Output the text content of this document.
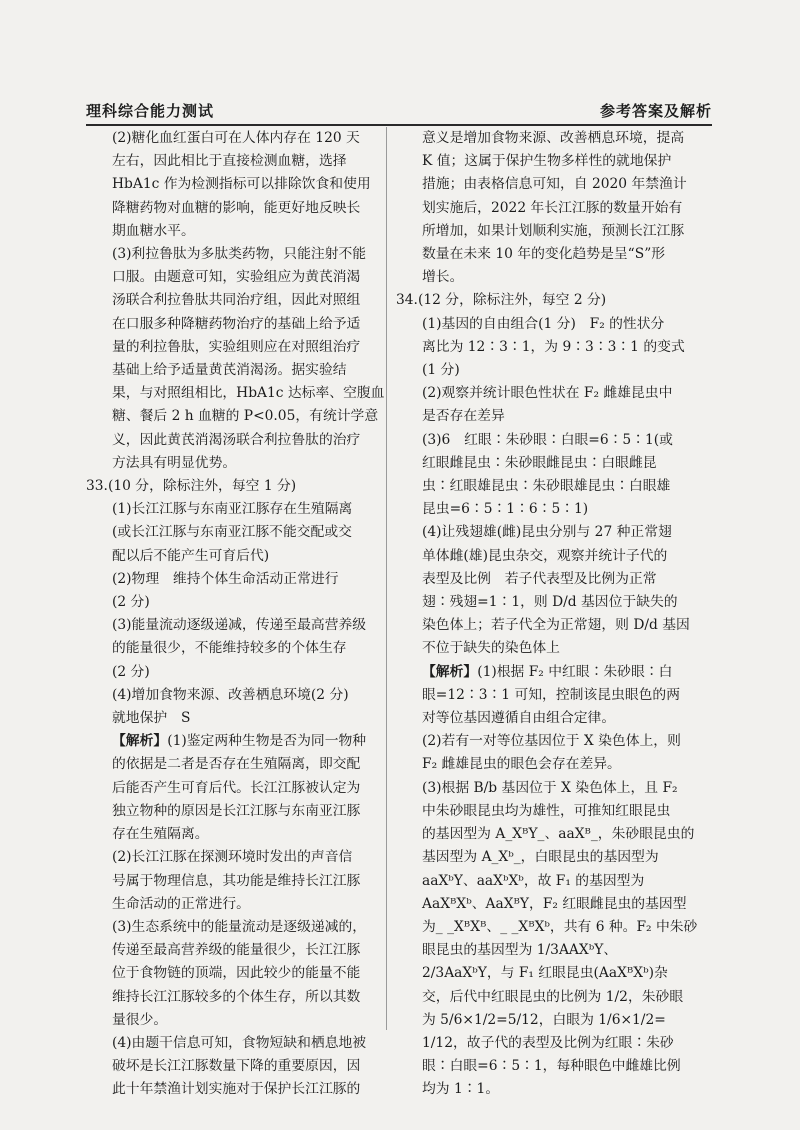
理科综合能力测试	参考答案及解析
(2)糖化血红蛋白可在人体内存在 120 天
左右，因此相比于直接检测血糖，选择
HbA1c 作为检测指标可以排除饮食和使用
降糖药物对血糖的影响，能更好地反映长
期血糖水平。
(3)利拉鲁肽为多肽类药物，只能注射不能
口服。由题意可知，实验组应为黄芪消渴
汤联合利拉鲁肽共同治疗组，因此对照组
在口服多种降糖药物治疗的基础上给予适
量的利拉鲁肽，实验组则应在对照组治疗
基础上给予适量黄芪消渴汤。据实验结
果，与对照组相比，HbA1c 达标率、空腹血
糖、餐后 2 h 血糖的 P<0.05，有统计学意
义，因此黄芪消渴汤联合利拉鲁肽的治疗
方法具有明显优势。
33.(10 分，除标注外，每空 1 分)
(1)长江江豚与东南亚江豚存在生殖隔离
(或长江江豚与东南亚江豚不能交配或交
配以后不能产生可育后代)
(2)物理　维持个体生命活动正常进行
(2 分)
(3)能量流动逐级递减，传递至最高营养级
的能量很少，不能维持较多的个体生存
(2 分)
(4)增加食物来源、改善栖息环境(2 分)
就地保护　S
【解析】(1)鉴定两种生物是否为同一物种
的依据是二者是否存在生殖隔离，即交配
后能否产生可育后代。长江江豚被认定为
独立物种的原因是长江江豚与东南亚江豚
存在生殖隔离。
(2)长江江豚在探测环境时发出的声音信
号属于物理信息，其功能是维持长江江豚
生命活动的正常进行。
(3)生态系统中的能量流动是逐级递减的，
传递至最高营养级的能量很少，长江江豚
位于食物链的顶端，因此较少的能量不能
维持长江江豚较多的个体生存，所以其数
量很少。
(4)由题干信息可知，食物短缺和栖息地被
破坏是长江江豚数量下降的重要原因，因
此十年禁渔计划实施对于保护长江江豚的
意义是增加食物来源、改善栖息环境，提高
K 值；这属于保护生物多样性的就地保护
措施；由表格信息可知，自 2020 年禁渔计
划实施后，2022 年长江江豚的数量开始有
所增加，如果计划顺利实施，预测长江江豚
数量在未来 10 年的变化趋势是呈“S”形
增长。
34.(12 分，除标注外，每空 2 分)
(1)基因的自由组合(1 分)　F₂ 的性状分
离比为 12∶3∶1，为 9∶3∶3∶1 的变式
(1 分)
(2)观察并统计眼色性状在 F₂ 雌雄昆虫中
是否存在差异
(3)6　红眼∶朱砂眼∶白眼=6∶5∶1(或
红眼雌昆虫∶朱砂眼雌昆虫∶白眼雌昆
虫∶红眼雄昆虫∶朱砂眼雄昆虫∶白眼雄
昆虫=6∶5∶1∶6∶5∶1)
(4)让残翅雄(雌)昆虫分别与 27 种正常翅
单体雌(雄)昆虫杂交，观察并统计子代的
表型及比例　若子代表型及比例为正常
翅∶残翅=1∶1，则 D/d 基因位于缺失的
染色体上；若子代全为正常翅，则 D/d 基因
不位于缺失的染色体上
【解析】(1)根据 F₂ 中红眼∶朱砂眼∶白
眼=12∶3∶1 可知，控制该昆虫眼色的两
对等位基因遵循自由组合定律。
(2)若有一对等位基因位于 X 染色体上，则
F₂ 雌雄昆虫的眼色会存在差异。
(3)根据 B/b 基因位于 X 染色体上，且 F₂
中朱砂眼昆虫均为雄性，可推知红眼昆虫
的基因型为 A_XᴮY_、aaXᴮ_，朱砂眼昆虫的
基因型为 A_Xᵇ_，白眼昆虫的基因型为
aaXᵇY、aaXᵇXᵇ，故 F₁ 的基因型为
AaXᴮXᵇ、AaXᴮY，F₂ 红眼雌昆虫的基因型
为_ _XᴮXᴮ、_ _XᴮXᵇ，共有 6 种。F₂ 中朱砂
眼昆虫的基因型为 1/3AAXᵇY、
2/3AaXᵇY，与 F₁ 红眼昆虫(AaXᴮXᵇ)杂
交，后代中红眼昆虫的比例为 1/2，朱砂眼
为 5/6×1/2=5/12，白眼为 1/6×1/2=
1/12，故子代的表型及比例为红眼∶朱砂
眼∶白眼=6∶5∶1，每种眼色中雌雄比例
均为 1∶1。
